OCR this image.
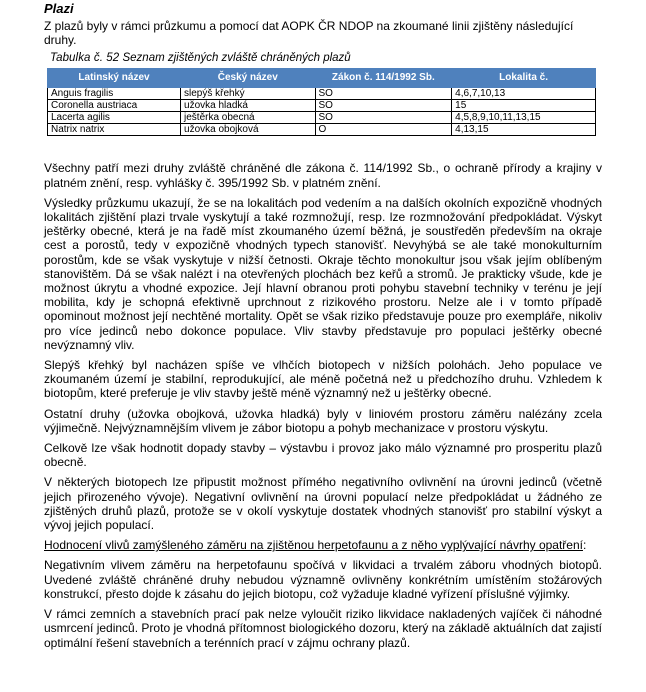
Plazi

Z plazů byly v rámci průzkumu a pomocí dat AOPK ČR NDOP na zkoumané linii zjištěny následující druhy.

Tabulka č. 52 Seznam zjištěných zvláště chráněných plazů
Latinský název	Český název	Zákon č. 114/1992 Sb.	Lokalita č.
Anguis fragilis	slepýš křehký	SO	4,6,7,10,13
Coronella austriaca	užovka hladká	SO	15
Lacerta agilis	ještěrka obecná	SO	4,5,8,9,10,11,13,15
Natrix natrix	užovka obojková	O	4,13,15

Všechny patří mezi druhy zvláště chráněné dle zákona č. 114/1992 Sb., o ochraně přírody a krajiny v platném znění, resp. vyhlášky č. 395/1992 Sb. v platném znění.

Výsledky průzkumu ukazují, že se na lokalitách pod vedením a na dalších okolních expozičně vhodných lokalitách zjištění plazi trvale vyskytují a také rozmnožují, resp. lze rozmnožování předpokládat. Výskyt ještěrky obecné, která je na řadě míst zkoumaného území běžná, je soustředěn především na okraje cest a porostů, tedy v expozičně vhodných typech stanovišť. Nevyhýbá se ale také monokulturním porostům, kde se však vyskytuje v nižší četnosti. Okraje těchto monokultur jsou však jejím oblíbeným stanovištěm. Dá se však nalézt i na otevřených plochách bez keřů a stromů. Je prakticky všude, kde je možnost úkrytu a vhodné expozice. Její hlavní obranou proti pohybu stavební techniky v terénu je její mobilita, kdy je schopná efektivně uprchnout z rizikového prostoru. Nelze ale i v tomto případě opominout možnost její nechtěné mortality. Opět se však riziko představuje pouze pro exempláře, nikoliv pro více jedinců nebo dokonce populace. Vliv stavby představuje pro populaci ještěrky obecné nevýznamný vliv.

Slepýš křehký byl nacházen spíše ve vlhčích biotopech v nižších polohách. Jeho populace ve zkoumaném území je stabilní, reprodukující, ale méně početná než u předchozího druhu. Vzhledem k biotopům, které preferuje je vliv stavby ještě méně významný než u ještěrky obecné.

Ostatní druhy (užovka obojková, užovka hladká) byly v liniovém prostoru záměru nalézány zcela výjimečně. Nejvýznamnějším vlivem je zábor biotopu a pohyb mechanizace v prostoru výskytu.

Celkově lze však hodnotit dopady stavby – výstavbu i provoz jako málo významné pro prosperitu plazů obecně.

V některých biotopech lze připustit možnost přímého negativního ovlivnění na úrovni jedinců (včetně jejich přirozeného vývoje). Negativní ovlivnění na úrovni populací nelze předpokládat u žádného ze zjištěných druhů plazů, protože se v okolí vyskytuje dostatek vhodných stanovišť pro stabilní výskyt a vývoj jejich populací.

Hodnocení vlivů zamýšleného záměru na zjištěnou herpetofaunu a z něho vyplývající návrhy opatření:

Negativním vlivem záměru na herpetofaunu spočívá v likvidaci a trvalém záboru vhodných biotopů. Uvedené zvláště chráněné druhy nebudou významně ovlivněny konkrétním umístěním stožárových konstrukcí, přesto dojde k zásahu do jejich biotopu, což vyžaduje kladné vyřízení příslušné výjimky.

V rámci zemních a stavebních prací pak nelze vyloučit riziko likvidace nakladených vajíček či náhodné usmrcení jedinců. Proto je vhodná přítomnost biologického dozoru, který na základě aktuálních dat zajistí optimální řešení stavebních a terénních prací v zájmu ochrany plazů.
